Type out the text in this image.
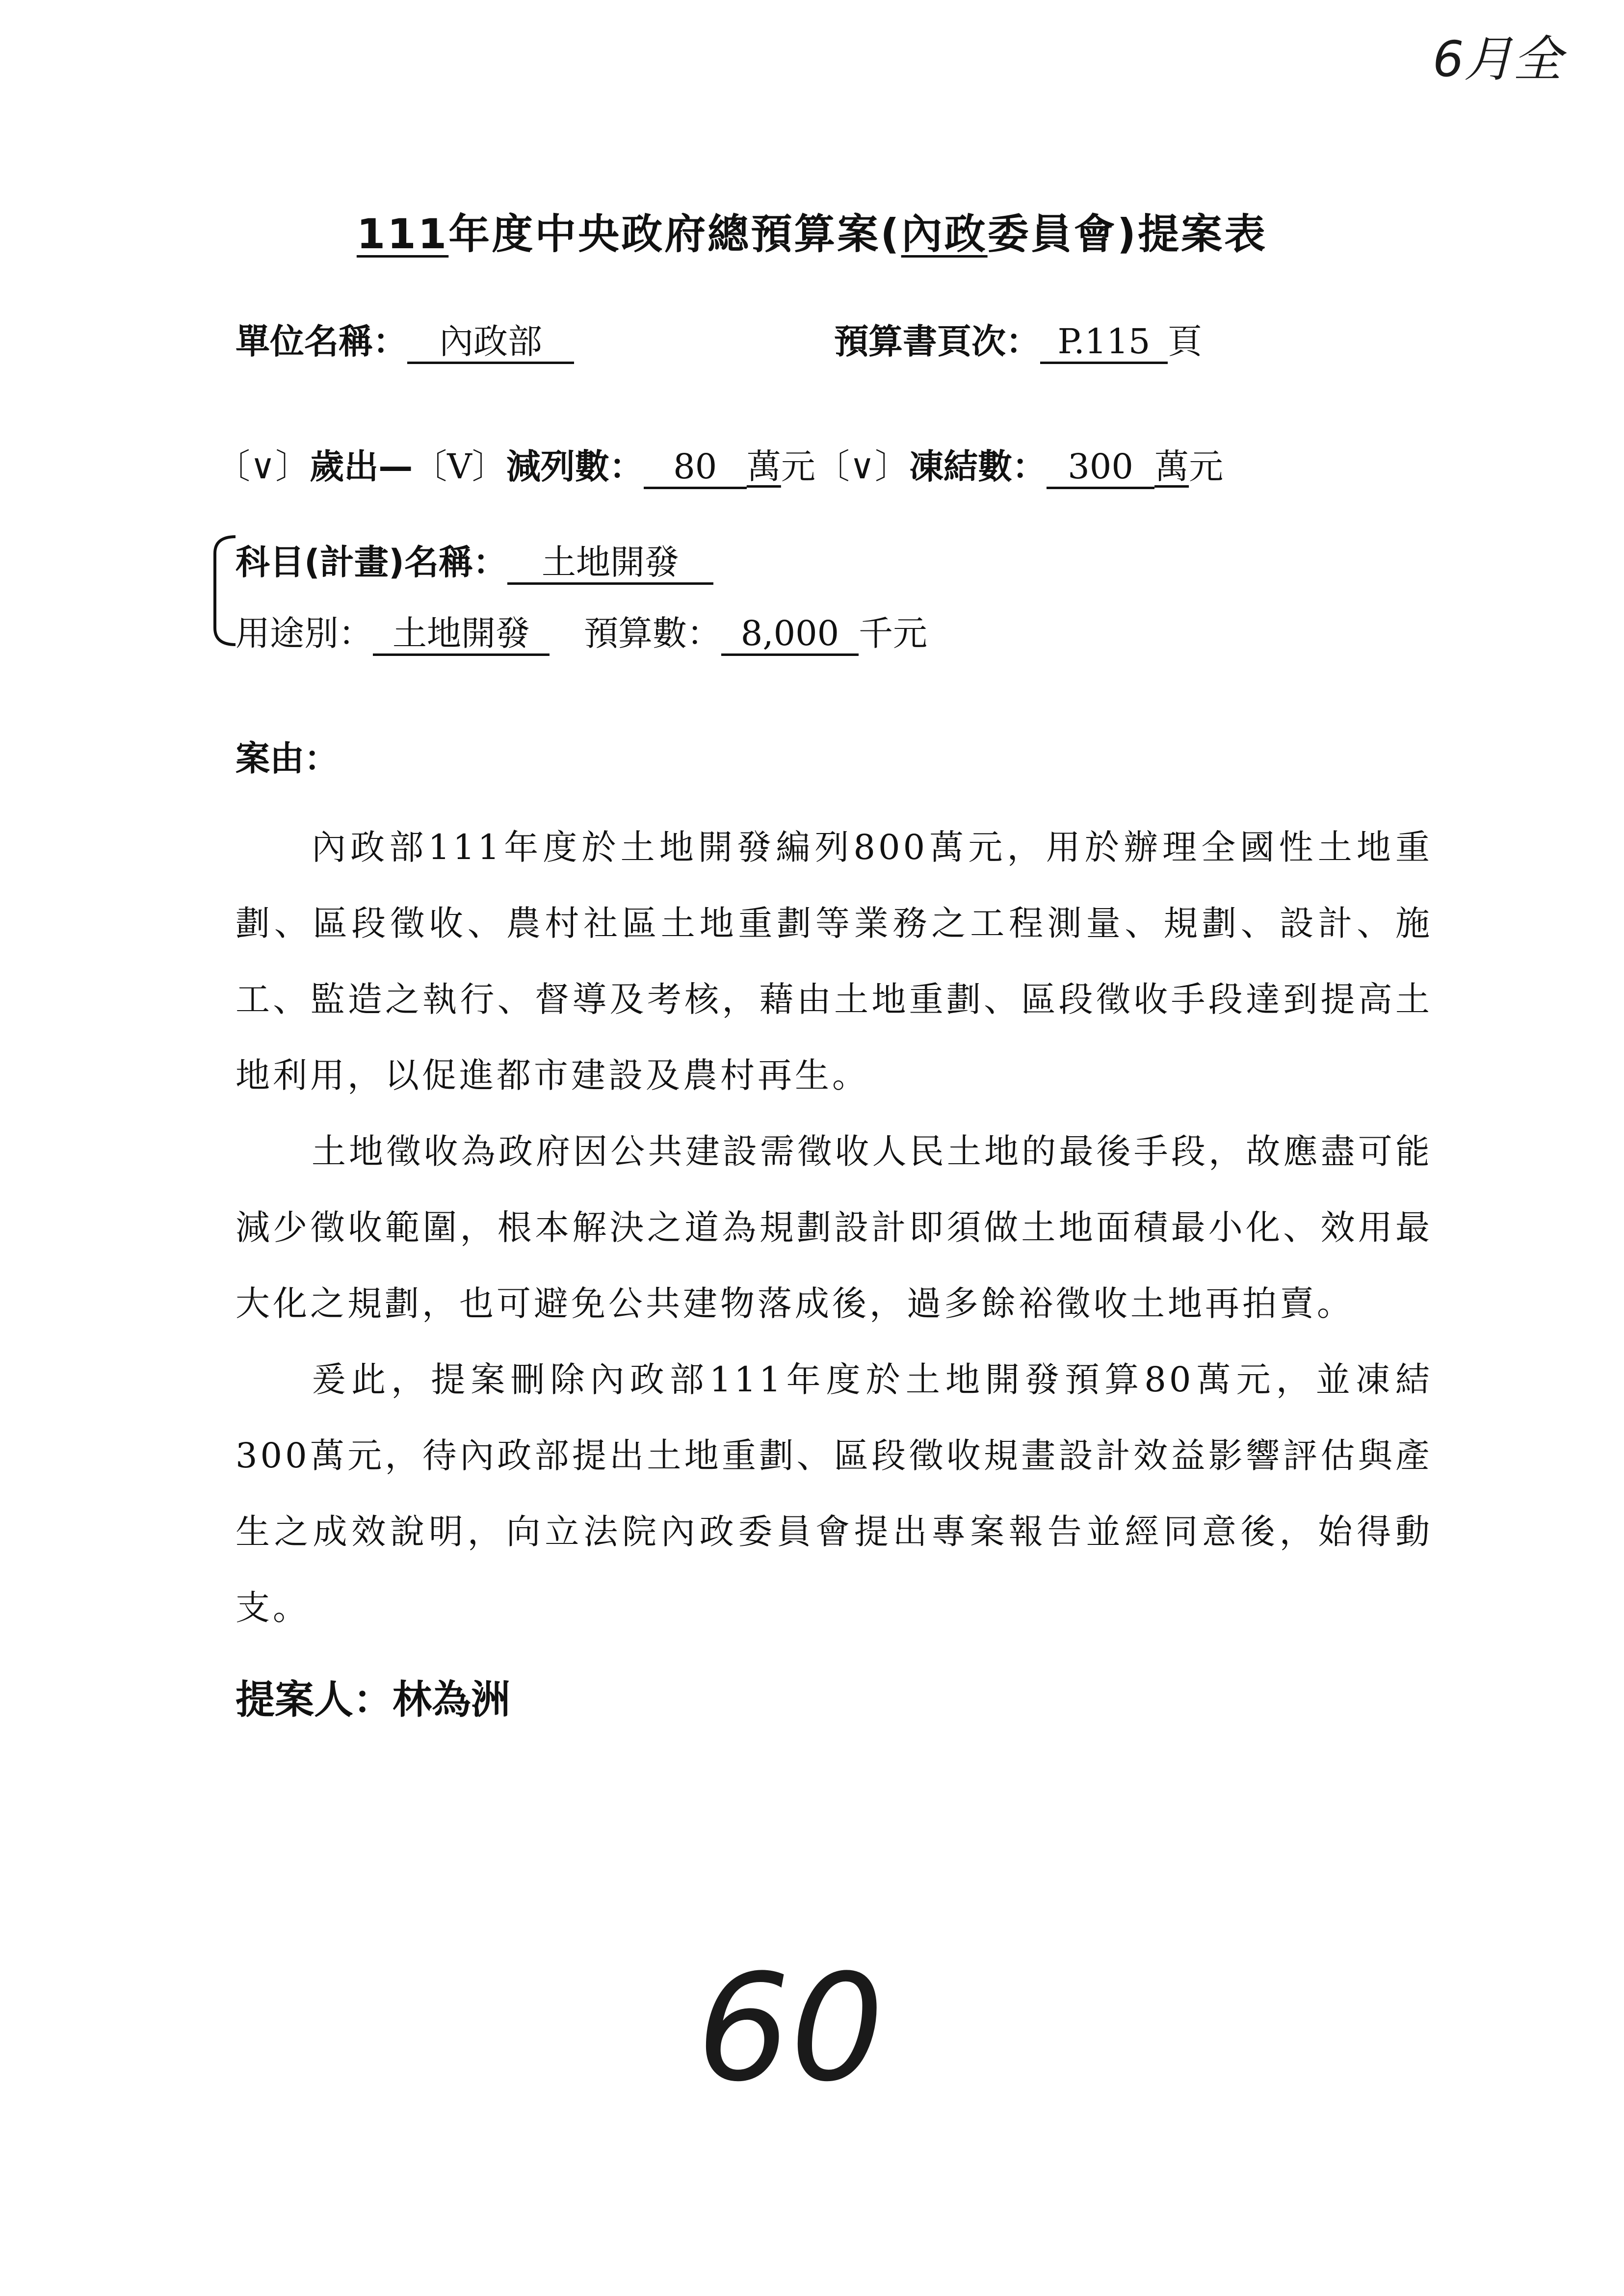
6月全
111年度中央政府總預算案(內政委員會)提案表
單位名稱： 內政部	預算書頁次： P.115 頁
〔∨〕歲出—〔V〕減列數： 80 萬元〔∨〕凍結數： 300 萬元
科目(計畫)名稱： 土地開發
用途別： 土地開發 預算數： 8,000 千元
案由：
內政部111年度於土地開發編列800萬元，用於辦理全國性土地重劃、區段徵收、農村社區土地重劃等業務之工程測量、規劃、設計、施工、監造之執行、督導及考核，藉由土地重劃、區段徵收手段達到提高土地利用，以促進都市建設及農村再生。
土地徵收為政府因公共建設需徵收人民土地的最後手段，故應盡可能減少徵收範圍，根本解決之道為規劃設計即須做土地面積最小化、效用最大化之規劃，也可避免公共建物落成後，過多餘裕徵收土地再拍賣。
爰此，提案刪除內政部111年度於土地開發預算80萬元，並凍結300萬元，待內政部提出土地重劃、區段徵收規畫設計效益影響評估與產生之成效說明，向立法院內政委員會提出專案報告並經同意後，始得動支。
提案人：林為洲
60
